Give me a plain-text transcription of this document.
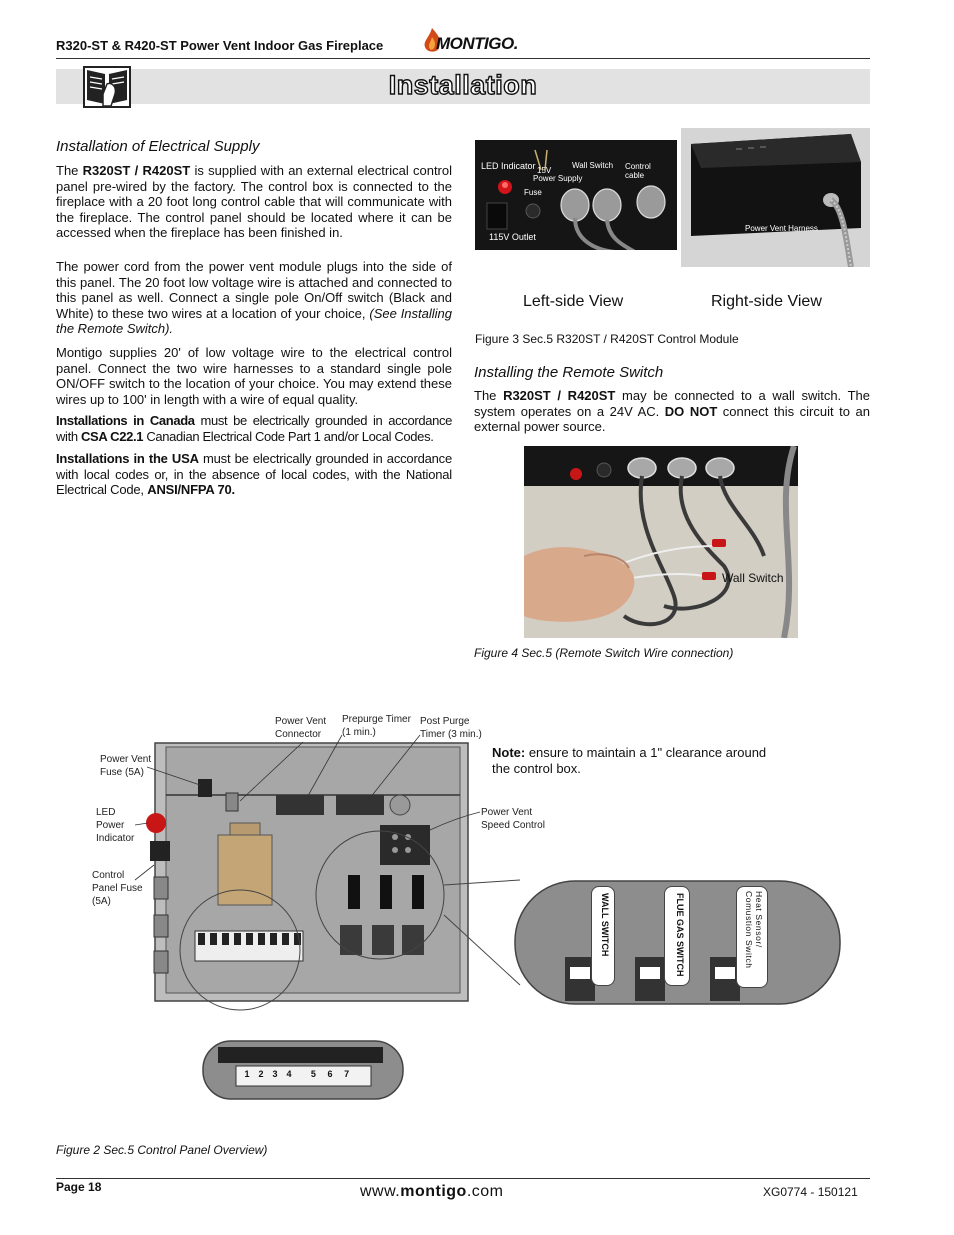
R320-ST & R420-ST Power Vent Indoor Gas Fireplace	MONTIGO.
Installation
Installation of Electrical Supply
The R320ST / R420ST is supplied with an external electrical control panel pre-wired by the factory. The control box is connected to the fireplace with a 20 foot long control cable that will communicate with the fireplace. The control panel should be located where it can be accessed when the fireplace has been finished in.
The power cord from the power vent module plugs into the side of this panel. The 20 foot low voltage wire is attached and connected to this panel as well. Connect a single pole On/Off switch (Black and White) to these two wires at a location of your choice, (See Installing the Remote Switch).
Montigo supplies 20' of low voltage wire to the electrical control panel. Connect the two wire harnesses to a standard single pole ON/OFF switch to the location of your choice. You may extend these wires up to 100' in length with a wire of equal quality.
Installations in Canada must be electrically grounded in accordance with CSA C22.1 Canadian Electrical Code Part 1 and/or Local Codes.
Installations in the USA must be electrically grounded in accordance with local codes or, in the absence of local codes, with the National Electrical Code, ANSI/NFPA 70.
LED Indicator 15V
Power Supply
Wall Switch Control cable
Fuse
115V Outlet
Power Vent Harness
Left-side View	Right-side View
Figure 3 Sec.5 R320ST / R420ST Control Module
Installing the Remote Switch
The R320ST / R420ST may be connected to a wall switch. The system operates on a 24V AC. DO NOT connect this circuit to an external power source.
Wall Switch
Figure 4 Sec.5 (Remote Switch Wire connection)
Power Vent Connector
Prepurge Timer (1 min.)
Post Purge Timer (3 min.)
Power Vent Fuse (5A)
LED Power Indicator
Control Panel Fuse (5A)
Power Vent Speed Control
Note: ensure to maintain a 1" clearance around the control box.
WALL SWITCH	FLUE GAS SWITCH	Heat Sensor/ Comustion Switch
1 2 3 4 5 6 7
Figure 2 Sec.5 Control Panel Overview)
Page 18	www.montigo.com	XG0774 - 150121
